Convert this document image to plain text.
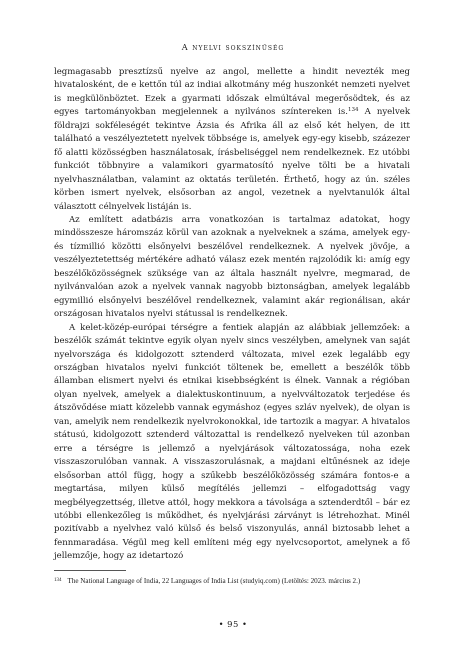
A nyelvi sokszínűség

legmagasabb presztízsű nyelve az angol, mellette a hindit nevezték meg hivatalosként, de e kettőn túl az indiai alkotmány még huszonkét nemzeti nyelvet is megkülönböztet. Ezek a gyarmati időszak elmúltával megerősödtek, és az egyes tartományokban megjelennek a nyilvános színtereken is.$^{134}$ A nyelvek földrajzi sokféleségét tekintve Ázsia és Afrika áll az első két helyen, de itt található a veszélyeztetett nyelvek többsége is, amelyek egy-egy kisebb, százezer fő alatti közösségben használatosak, írásbeliséggel nem rendelkeznek. Ez utóbbi funkciót többnyire a valamikori gyarmatosító nyelve tölti be a hivatali nyelvhasználatban, valamint az oktatás területén. Érthető, hogy az ún. széles körben ismert nyelvek, elsősorban az angol, vezetnek a nyelvtanulók által választott célnyelvek listáján is.

Az említett adatbázis arra vonatkozóan is tartalmaz adatokat, hogy mindösszesze háromszáz körül van azoknak a nyelveknek a száma, amelyek egy- és tízmillió közötti elsőnyelvi beszélővel rendelkeznek. A nyelvek jövője, a veszélyeztetettség mértékére adható válasz ezek mentén rajzolódik ki: amíg egy beszélőközösségnek szüksége van az általa használt nyelvre, megmarad, de nyilvánvalóan azok a nyelvek vannak nagyobb biztonságban, amelyek legalább egymillió elsőnyelvi beszélővel rendelkeznek, valamint akár regionálisan, akár országosan hivatalos nyelvi státussal is rendelkeznek.

A kelet-közép-európai térségre a fentiek alapján az alábbiak jellemzőek: a beszélők számát tekintve egyik olyan nyelv sincs veszélyben, amelynek van saját nyelvországa és kidolgozott sztenderd változata, mivel ezek legalább egy országban hivatalos nyelvi funkciót töltenek be, emellett a beszélők több államban elismert nyelvi és etnikai kisebbségként is élnek. Vannak a régióban olyan nyelvek, amelyek a dialektuskontinuum, a nyelvváltozatok terjedése és átszövődése miatt közelebb vannak egymáshoz (egyes szláv nyelvek), de olyan is van, amelyik nem rendelkezik nyelvrokonokkal, ide tartozik a magyar. A hivatalos státusú, kidolgozott sztenderd változattal is rendelkező nyelveken túl azonban erre a térségre is jellemző a nyelvjárások változatossága, noha ezek visszaszorulóban vannak. A visszaszorulásnak, a majdani eltűnésnek az ideje elsősorban attól függ, hogy a szűkebb beszélőközösség számára fontos-e a megtartása, milyen külső megítélés jellemzi – elfogadottság vagy megbélyegzettség, illetve attól, hogy mekkora a távolsága a sztenderdtől – bár ez utóbbi ellenkezőleg is működhet, és nyelvjárási zárványt is létrehozhat. Minél pozitívabb a nyelvhez való külső és belső viszonyulás, annál biztosabb lehet a fennmaradása. Végül meg kell említeni még egy nyelvcsoportot, amelynek a fő jellemzője, hogy az idetartozó

$^{134}$ The National Language of India, 22 Languages of India List (studyiq.com) (Letöltés: 2023. március 2.)
• 95 •
